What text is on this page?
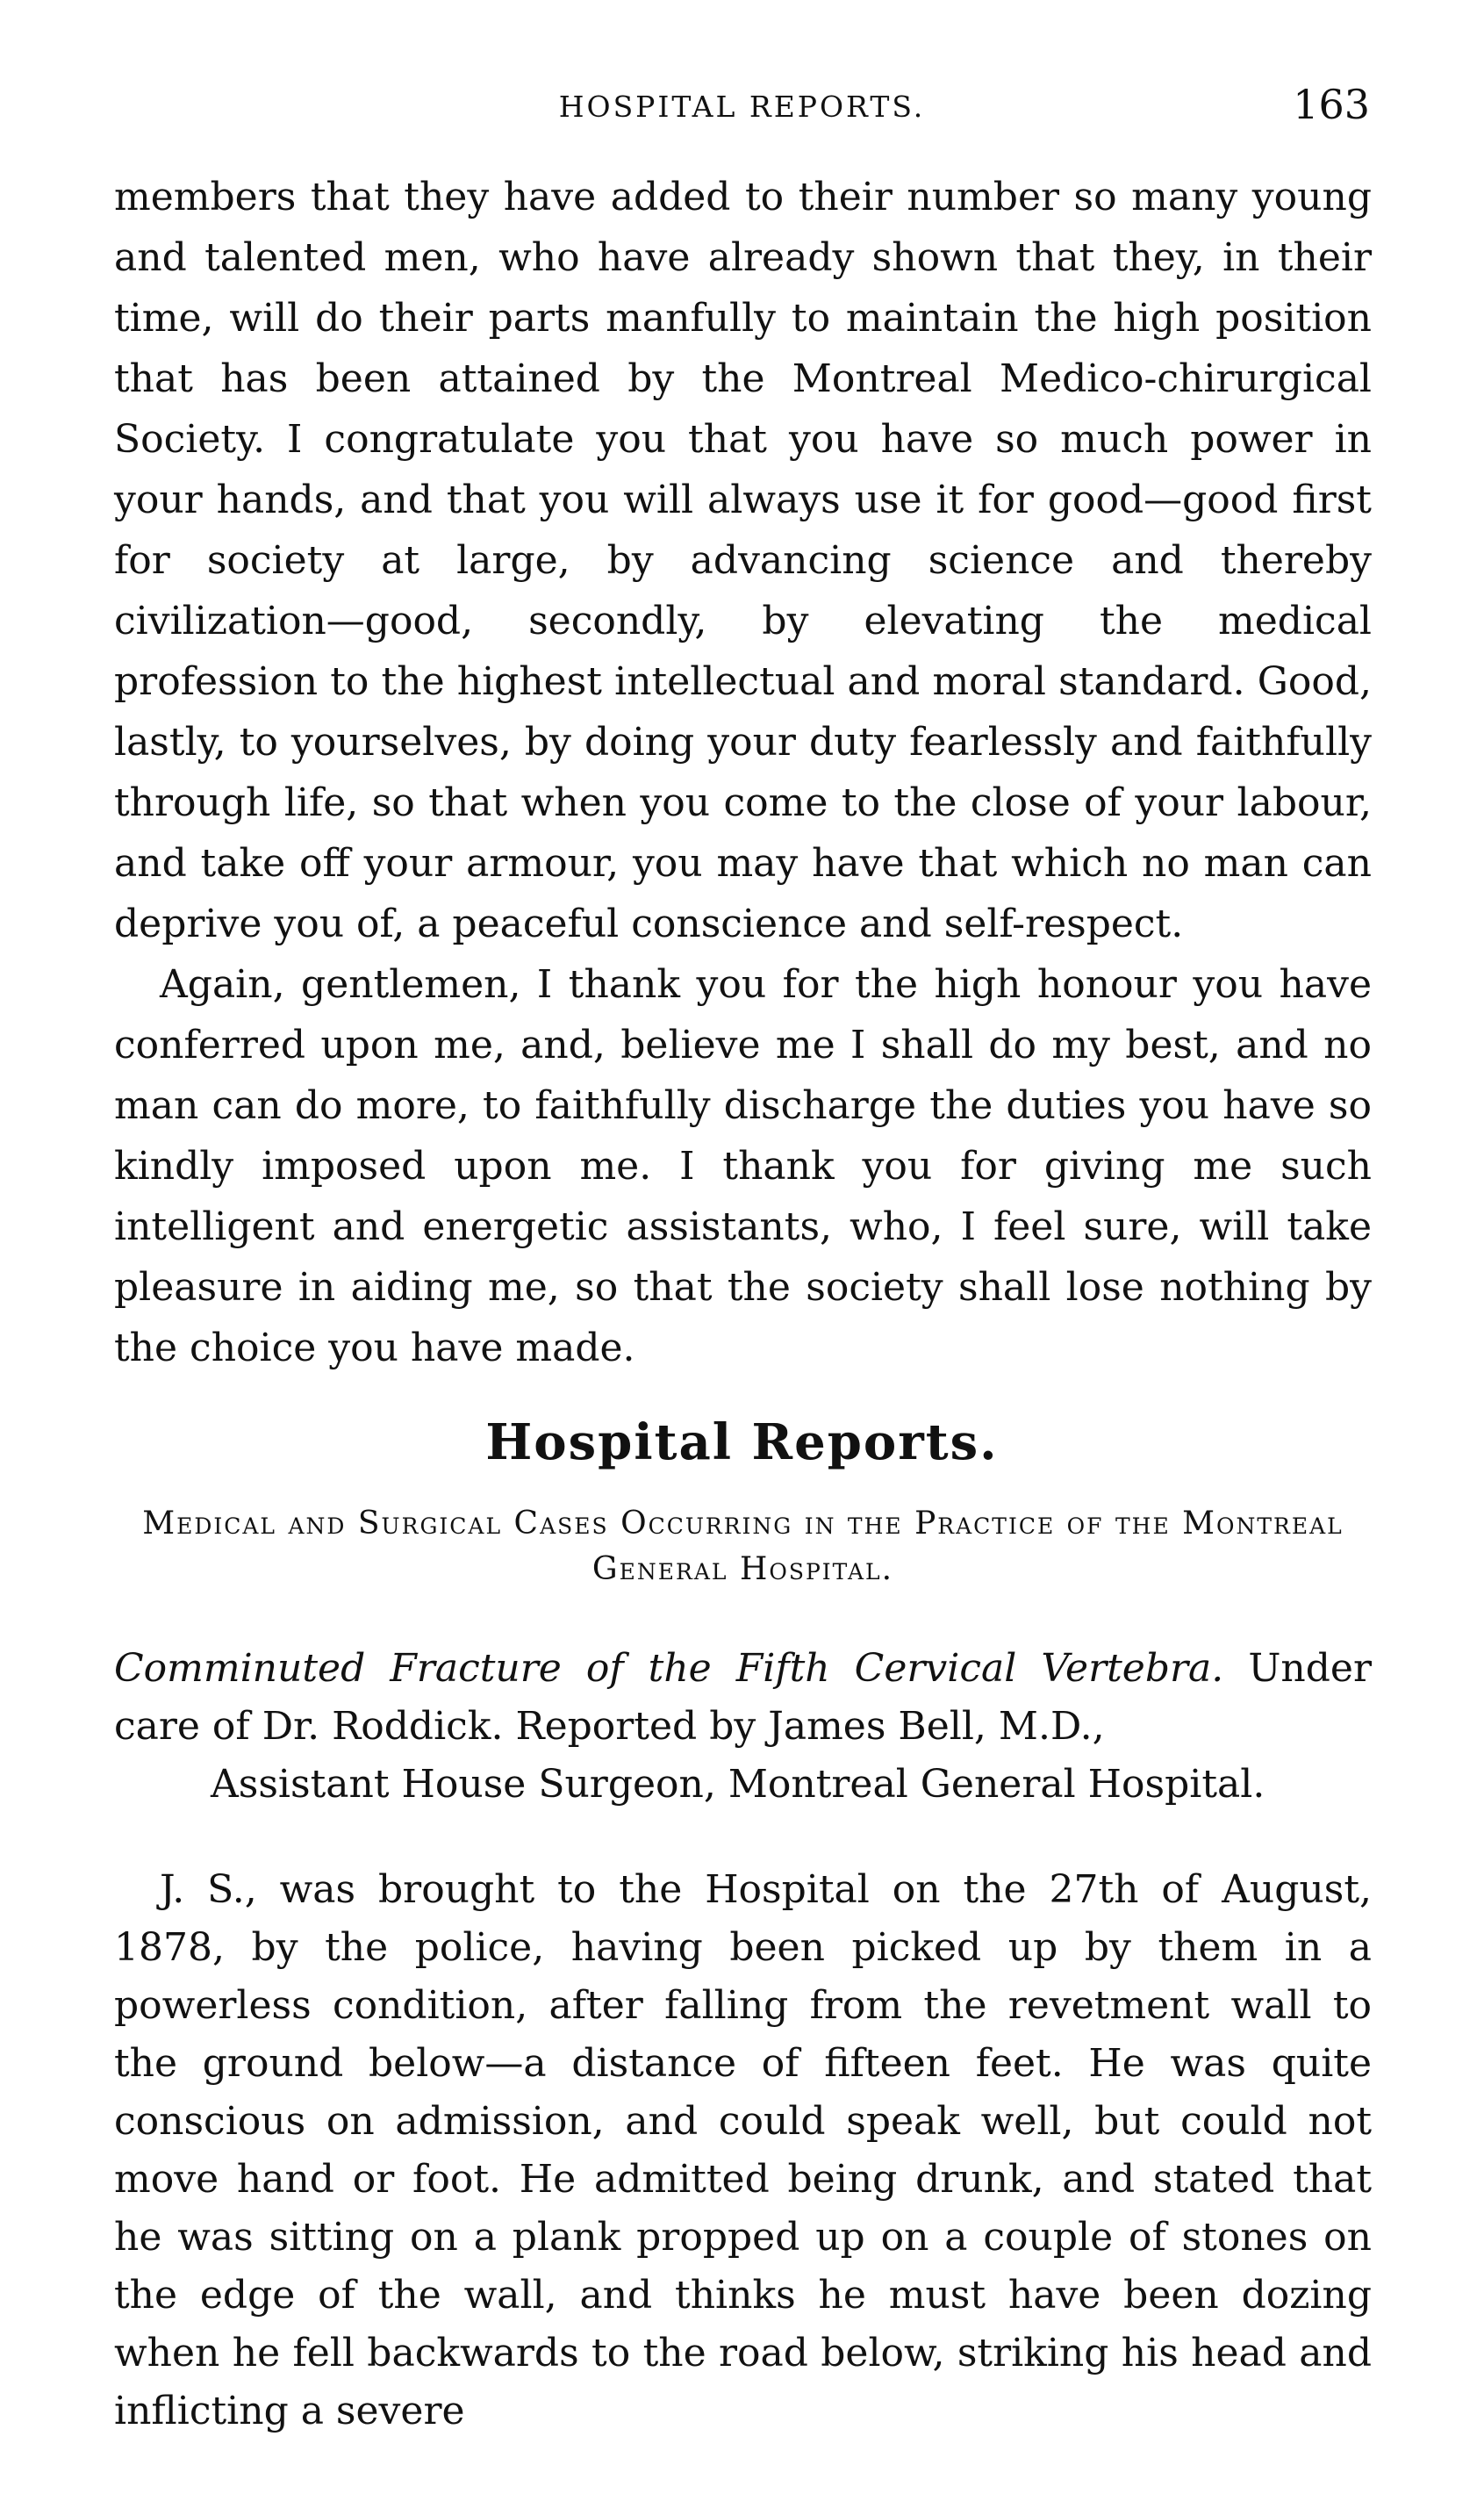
HOSPITAL REPORTS.	163

members that they have added to their number so many young and talented men, who have already shown that they, in their time, will do their parts manfully to maintain the high position that has been attained by the Montreal Medico-chirurgical Society. I congratulate you that you have so much power in your hands, and that you will always use it for good—good first for society at large, by advancing science and thereby civilization—good, secondly, by elevating the medical profession to the highest intellectual and moral standard. Good, lastly, to yourselves, by doing your duty fearlessly and faithfully through life, so that when you come to the close of your labour, and take off your armour, you may have that which no man can deprive you of, a peaceful conscience and self-respect.

Again, gentlemen, I thank you for the high honour you have conferred upon me, and, believe me I shall do my best, and no man can do more, to faithfully discharge the duties you have so kindly imposed upon me. I thank you for giving me such intelligent and energetic assistants, who, I feel sure, will take pleasure in aiding me, so that the society shall lose nothing by the choice you have made.

Hospital Reports.
Medical and Surgical Cases Occurring in the Practice of the Montreal General Hospital.
Comminuted Fracture of the Fifth Cervical Vertebra. Under care of Dr. Roddick. Reported by James Bell, M.D.,
Assistant House Surgeon, Montreal General Hospital.

J. S., was brought to the Hospital on the 27th of August, 1878, by the police, having been picked up by them in a powerless condition, after falling from the revetment wall to the ground below—a distance of fifteen feet. He was quite conscious on admission, and could speak well, but could not move hand or foot. He admitted being drunk, and stated that he was sitting on a plank propped up on a couple of stones on the edge of the wall, and thinks he must have been dozing when he fell backwards to the road below, striking his head and inflicting a severe
